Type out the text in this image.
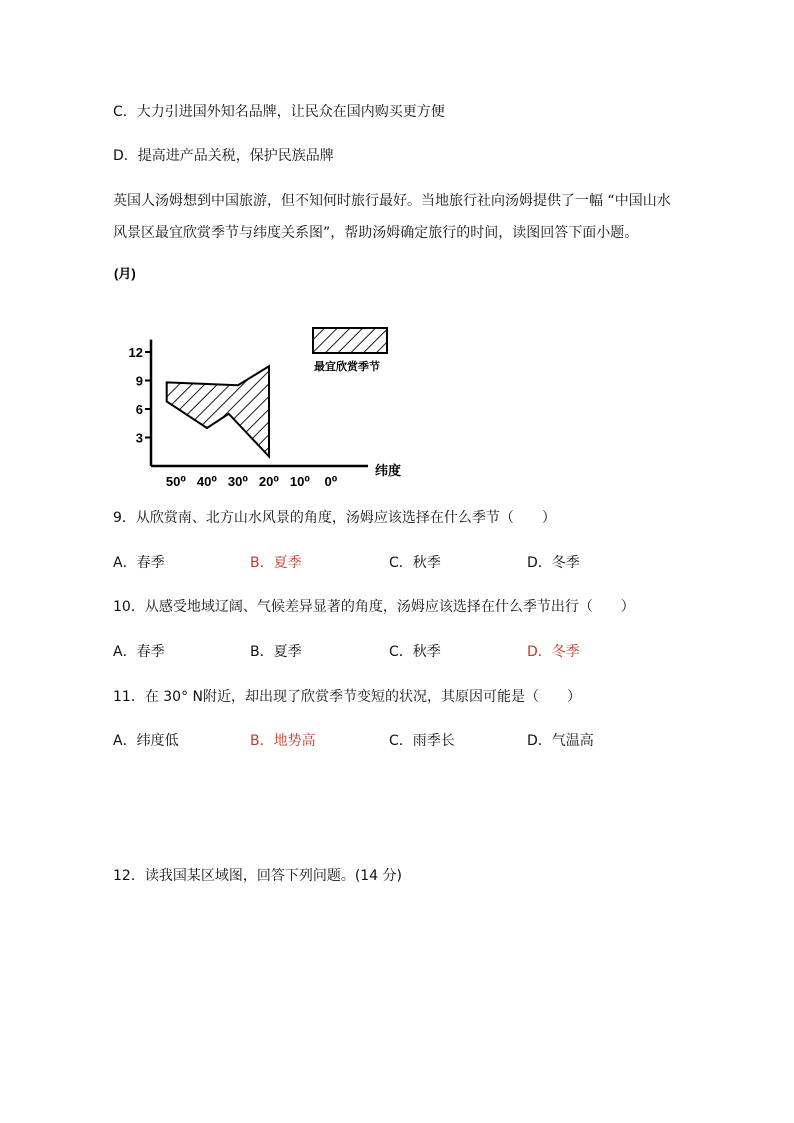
C．大力引进国外知名品牌，让民众在国内购买更方便
D．提高进产品关税，保护民族品牌
英国人汤姆想到中国旅游，但不知何时旅行最好。当地旅行社向汤姆提供了一幅 “中国山水
风景区最宜欣赏季节与纬度关系图”，帮助汤姆确定旅行的时间，读图回答下面小题。
12
9
6
3
(月)
50⁰ 40⁰ 30⁰ 20⁰ 10⁰ 0⁰
纬度
最宜欣赏季节
9．从欣赏南、北方山水风景的角度，汤姆应该选择在什么季节（　　）
A．春季	B．夏季	C．秋季	D．冬季
10．从感受地域辽阔、气候差异显著的角度，汤姆应该选择在什么季节出行（　　）
A．春季	B．夏季	C．秋季	D．冬季
11．在 30° N附近，却出现了欣赏季节变短的状况，其原因可能是（　　）
A．纬度低	B．地势高	C．雨季长	D．气温高
12．读我国某区域图，回答下列问题。(14 分)
